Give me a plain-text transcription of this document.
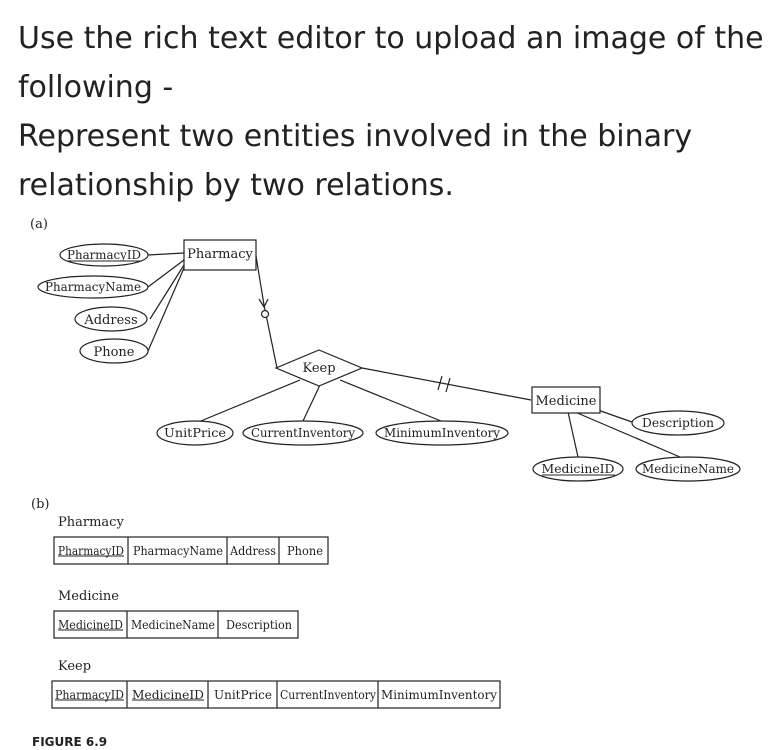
Use the rich text editor to upload an image of the
following -
Represent two entities involved in the binary
relationship by two relations.
(a)
(b)
Pharmacy
Medicine
Keep
PharmacyID
PharmacyName
Address
Phone
UnitPrice CurrentInventory MinimumInventory
Description
MedicineID MedicineName
Pharmacy
Medicine
Keep
PharmacyID PharmacyName Address Phone
MedicineID MedicineName Description
PharmacyID MedicineID UnitPrice CurrentInventory MinimumInventory
FIGURE 6.9
